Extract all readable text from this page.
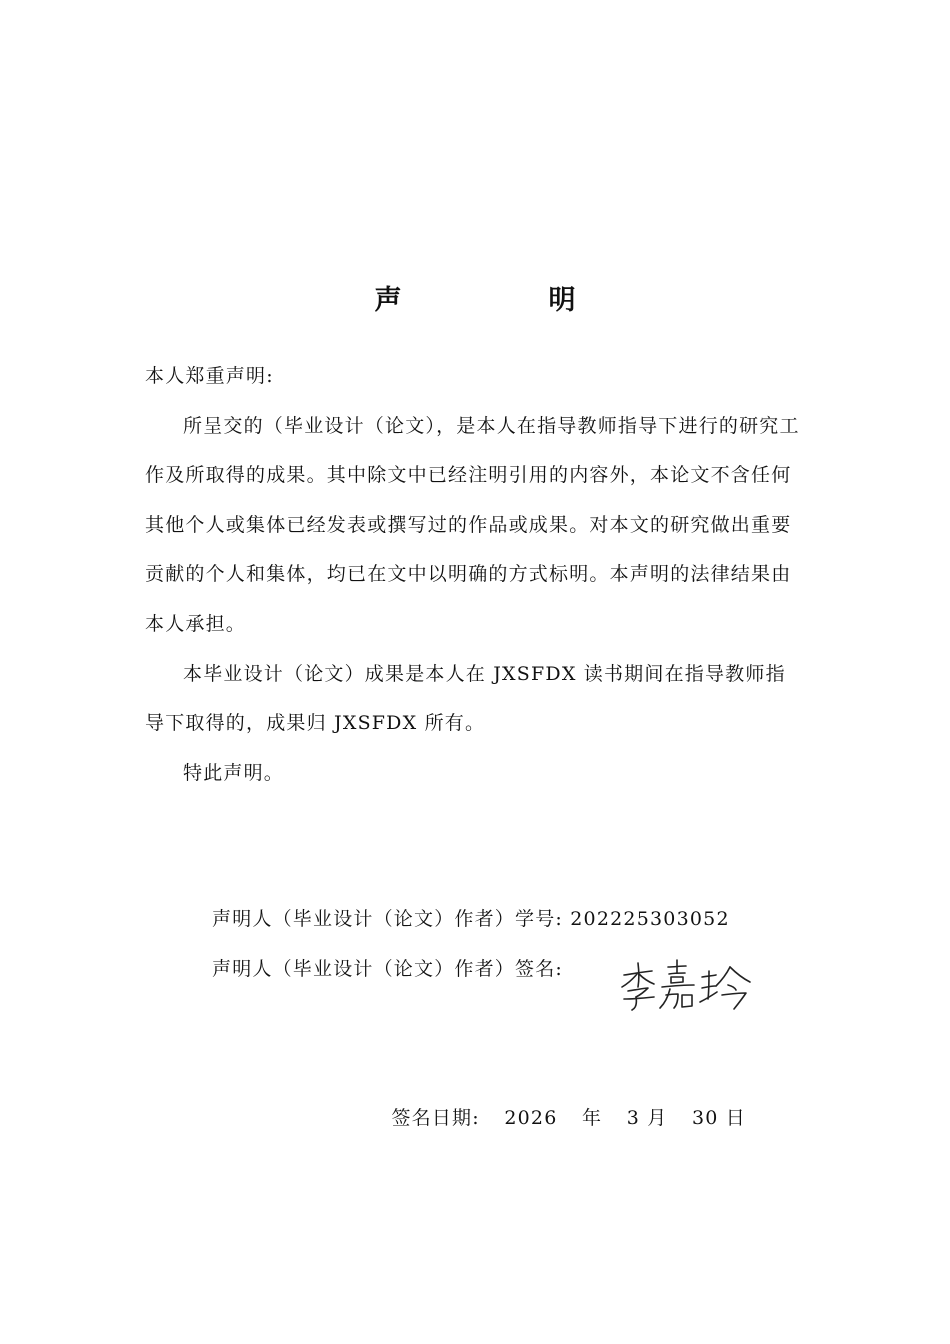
声　明

本人郑重声明:

所呈交的（毕业设计（论文），是本人在指导教师指导下进行的研究工作及所取得的成果。其中除文中已经注明引用的内容外，本论文不含任何其他个人或集体已经发表或撰写过的作品或成果。对本文的研究做出重要贡献的个人和集体，均已在文中以明确的方式标明。本声明的法律结果由本人承担。

本毕业设计（论文）成果是本人在 JXSFDX 读书期间在指导教师指导下取得的，成果归 JXSFDX 所有。

特此声明。

声明人（毕业设计（论文）作者）学号: 202225303052
声明人（毕业设计（论文）作者）签名:
签名日期: 2026 年 3 月 30 日
